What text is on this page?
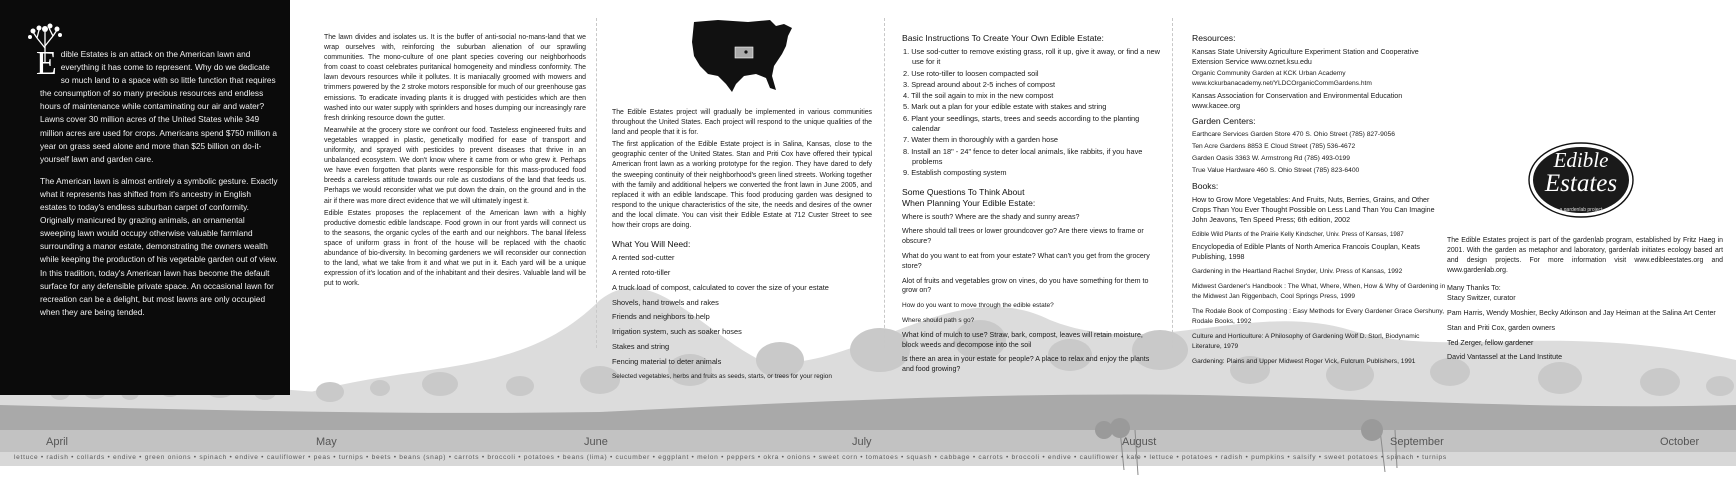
Edible Estates is an attack on the American lawn and everything it has come to represent. Why do we dedicate so much land to a space with so little function that requires the consumption of so many precious resources and endless hours of maintenance while contaminating our air and water? Lawns cover 30 million acres of the United States while 349 million acres are used for crops. Americans spend $750 million a year on grass seed alone and more than $25 billion on do-it-yourself lawn and garden care.

The American lawn is almost entirely a symbolic gesture. Exactly what it represents has shifted from it's ancestry in English estates to today's endless suburban carpet of conformity. Originally manicured by grazing animals, an ornamental sweeping lawn would occupy otherwise valuable farmland surrounding a manor estate, demonstrating the owners wealth while keeping the production of his vegetable garden out of view. In this tradition, today's American lawn has become the default surface for any defensible private space. An occasional lawn for recreation can be a delight, but most lawns are only occupied when they are being tended.

The lawn divides and isolates us. It is the buffer of anti-social no-mans-land that we wrap ourselves with, reinforcing the suburban alienation of our sprawling communities. The mono-culture of one plant species covering our neighborhoods from coast to coast celebrates puritanical homogeneity and mindless conformity. The lawn devours resources while it pollutes. It is maniacally groomed with mowers and trimmers powered by the 2 stroke motors responsible for much of our greenhouse gas emissions. To eradicate invading plants it is drugged with pesticides which are then washed into our water supply with sprinklers and hoses dumping our increasingly rare fresh drinking resource down the gutter.

Meanwhile at the grocery store we confront our food. Tasteless engineered fruits and vegetables wrapped in plastic, genetically modified for ease of transport and uniformity, and sprayed with pesticides to prevent diseases that thrive in an unbalanced ecosystem. We don't know where it came from or who grew it. Perhaps we have even forgotten that plants were responsible for this mass-produced food breeds a careless attitude towards our role as custodians of the land that feeds us. Perhaps we would reconsider what we put down the drain, on the ground and in the air if there was more direct evidence that we will ultimately ingest it.

Edible Estates proposes the replacement of the American lawn with a highly productive domestic edible landscape. Food grown in our front yards will connect us to the seasons, the organic cycles of the earth and our neighbors. The banal lifeless space of uniform grass in front of the house will be replaced with the chaotic abundance of bio-diversity. In becoming gardeners we will reconsider our connection to the land, what we take from it and what we put in it. Each yard will be a unique expression of it's location and of the inhabitant and their desires. Valuable land will be put to work.

The Edible Estates project will gradually be implemented in various communities throughout the United States. Each project will respond to the unique qualities of the land and people that it is for.

The first application of the Edible Estate project is in Salina, Kansas, close to the geographic center of the United States. Stan and Priti Cox have offered their typical American front lawn as a working prototype for the region. They have dared to defy the sweeping continuity of their neighborhood's green lined streets. Working together with the family and additional helpers we converted the front lawn in June 2005, and replaced it with an edible landscape. This food producing garden was designed to respond to the unique characteristics of the site, the needs and desires of the owner and the local climate. You can visit their Edible Estate at 712 Custer Street to see how their crops are doing.

What You Will Need:
A rented sod-cutter
A rented roto-tiller
A truck load of compost, calculated to cover the size of your estate
Shovels, hand trowels and rakes
Friends and neighbors to help
Irrigation system, such as soaker hoses
Stakes and string
Fencing material to deter animals
Selected vegetables, herbs and fruits as seeds, starts, or trees for your region
Basic Instructions To Create Your Own Edible Estate:
1. Use sod-cutter to remove existing grass, roll it up, give it away, or find a new use for it
2. Use roto-tiller to loosen compacted soil
3. Spread around about 2-5 inches of compost
4. Till the soil again to mix in the new compost
5. Mark out a plan for your edible estate with stakes and string
6. Plant your seedlings, starts, trees and seeds according to the planting calendar
7. Water them in thoroughly with a garden hose
8. Install an 18" - 24" fence to deter local animals, like rabbits, if you have problems
9. Establish composting system
Some Questions To Think About
When Planning Your Edible Estate:

Where is south? Where are the shady and sunny areas?

Where should tall trees or lower groundcover go? Are there views to frame or obscure?

What do you want to eat from your estate? What can't you get from the grocery store?

Alot of fruits and vegetables grow on vines, do you have something for them to grow on?

How do you want to move through the edible estate?

Where should path s go?

What kind of mulch to use? Straw, bark, compost, leaves will retain moisture, block weeds and decompose into the soil

Is there an area in your estate for people? A place to relax and enjoy the plants and food growing?

Resources:

Kansas State University Agriculture Experiment Station and Cooperative Extension Service www.oznet.ksu.edu

Organic Community Garden at KCK Urban Academy www.kckurbanacademy.net/YLDCOrganicCommGardens.htm

Kansas Association for Conservation and Environmental Education www.kacee.org

Garden Centers:

Earthcare Services Garden Store 470 S. Ohio Street (785) 827-9056

Ten Acre Gardens 8853 E Cloud Street (785) 536-4672

Garden Oasis 3363 W. Armstrong Rd (785) 493-0199

True Value Hardware 460 S. Ohio Street (785) 823-6400

Books:

How to Grow More Vegetables: And Fruits, Nuts, Berries, Grains, and Other Crops Than You Ever Thought Possible on Less Land Than You Can Imagine John Jeavons, Ten Speed Press; 6th edition, 2002

Edible Wild Plants of the Prairie Kelly Kindscher, Univ. Press of Kansas, 1987

Encyclopedia of Edible Plants of North America Francois Couplan, Keats Publishing, 1998

Gardening in the Heartland Rachel Snyder, Univ. Press of Kansas, 1992

Midwest Gardener's Handbook : The What, Where, When, How & Why of Gardening in the Midwest Jan Riggenbach, Cool Springs Press, 1999

The Rodale Book of Composting : Easy Methods for Every Gardener Grace Gershuny, Rodale Books, 1992

Culture and Horticulture: A Philosophy of Gardening Wolf D. Storl, Biodynamic Literature, 1979

Gardening: Plains and Upper Midwest Roger Vick, Fulcrum Publishers, 1991

Edible
Estates
a gardenlab project

The Edible Estates project is part of the gardenlab program, established by Fritz Haeg in 2001. With the garden as metaphor and laboratory, gardenlab initiates ecology based art and design projects. For more information visit www.edibleestates.org and www.gardenlab.org.

Many Thanks To:
Stacy Switzer, curator
Pam Harris, Wendy Moshier, Becky Atkinson and Jay Heiman at the Salina Art Center
Stan and Priti Cox, garden owners
Ted Zerger, fellow gardener
David Vantassel at the Land Institute
April	May	June	July	August	September	October
lettuce • radish • collards • endive • green onions • spinach • endive • cauliflower • peas • turnips • beets • beans (snap) • carrots • broccoli • potatoes • beans (lima) • cucumber • eggplant • melon • peppers • okra • onions • sweet corn • tomatoes • squash • cabbage • carrots • broccoli • endive • cauliflower • kale • lettuce • potatoes • radish • pumpkins • salsify • sweet potatoes • spinach • turnips
